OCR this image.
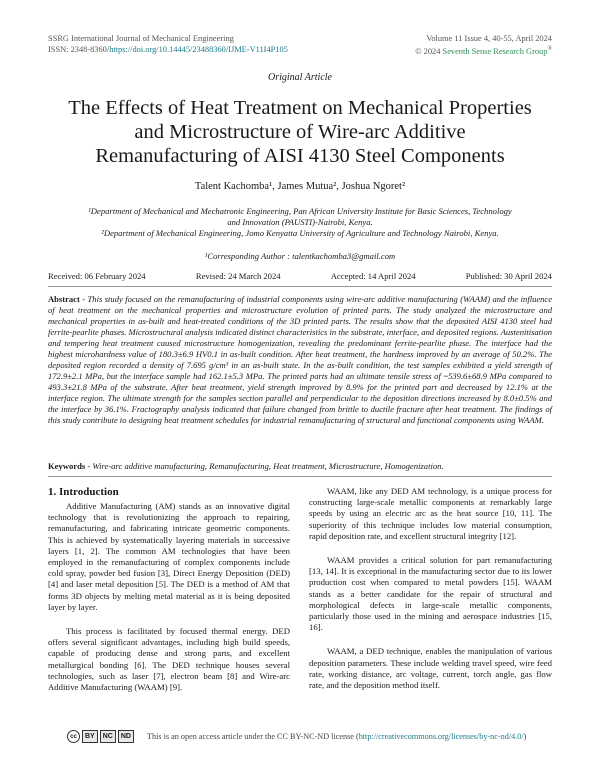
SSRG International Journal of Mechanical Engineering
ISSN: 2348-8360/https://doi.org/10.14445/23488360/IJME-V11I4P105
Volume 11 Issue 4, 40-55, April 2024
© 2024 Seventh Sense Research Group®
Original Article
The Effects of Heat Treatment on Mechanical Properties
and Microstructure of Wire-arc Additive
Remanufacturing of AISI 4130 Steel Components
Talent Kachomba¹, James Mutua², Joshua Ngoret²
¹Department of Mechanical and Mechatronic Engineering, Pan African University Institute for Basic Sciences, Technology
and Innovation (PAUSTI)-Nairobi, Kenya.
²Department of Mechanical Engineering, Jomo Kenyatta University of Agriculture and Technology Nairobi, Kenya.
¹Corresponding Author : talentkachomba3@gmail.com
Received: 06 February 2024	Revised: 24 March 2024	Accepted: 14 April 2024	Published: 30 April 2024
Abstract - This study focused on the remanufacturing of industrial components using wire-arc additive manufacturing (WAAM) and the influence of heat treatment on the mechanical properties and microstructure evolution of printed parts. The study analyzed the microstructure and mechanical properties in as-built and heat-treated conditions of the 3D printed parts. The results show that the deposited AISI 4130 steel had ferrite-pearlite phases. Microstructural analysis indicated distinct characteristics in the substrate, interface, and deposited regions. Austenitisation and tempering heat treatment caused microstructure homogenization, revealing the predominant ferrite-pearlite phase. The interface had the highest microhardness value of 180.3±6.9 HV0.1 in as-built condition. After heat treatment, the hardness improved by an average of 50.2%. The deposited region recorded a density of 7.695 g/cm³ in an as-built state. In the as-built condition, the test samples exhibited a yield strength of 172.9±2.1 MPa, but the interface sample had 162.1±5.3 MPa. The printed parts had an ultimate tensile stress of ~539.6±68.9 MPa compared to 493.3±21.8 MPa of the substrate. After heat treatment, yield strength improved by 8.9% for the printed part and decreased by 12.1% at the interface region. The ultimate strength for the samples section parallel and perpendicular to the deposition directions increased by 8.0±0.5% and the interface by 36.1%. Fractography analysis indicated that failure changed from brittle to ductile fracture after heat treatment. The findings of this study contribute to designing heat treatment schedules for industrial remanufacturing of structural and functional components using WAAM.
Keywords - Wire-arc additive manufacturing, Remanufacturing, Heat treatment, Microstructure, Homogenization.
1. Introduction

Additive Manufacturing (AM) stands as an innovative digital technology that is revolutionizing the approach to repairing, remanufacturing, and fabricating intricate geometric components. This is achieved by systematically layering materials in successive layers [1, 2]. The common AM technologies that have been employed in the remanufacturing of complex components include cold spray, powder bed fusion [3], Direct Energy Deposition (DED) [4] and laser metal deposition [5]. The DED is a method of AM that forms 3D objects by melting metal material as it is being deposited layer by layer.

This process is facilitated by focused thermal energy. DED offers several significant advantages, including high build speeds, capable of producing dense and strong parts, and excellent metallurgical bonding [6]. The DED technique houses several technologies, such as laser [7], electron beam [8] and Wire-arc Additive Manufacturing (WAAM) [9].

WAAM, like any DED AM technology, is a unique process for constructing large-scale metallic components at remarkably large speeds by using an electric arc as the heat source [10, 11]. The superiority of this technique includes low material consumption, rapid deposition rate, and excellent structural integrity [12].

WAAM provides a critical solution for part remanufacturing [13, 14]. It is exceptional in the manufacturing sector due to its lower production cost when compared to metal powders [15]. WAAM stands as a better candidate for the repair of structural and morphological defects in large-scale metallic components, particularly those used in the mining and aerospace industries [15, 16].

WAAM, a DED technique, enables the manipulation of various deposition parameters. These include welding travel speed, wire feed rate, working distance, arc voltage, current, torch angle, gas flow rate, and the deposition method itself.

cc	BY	NC	ND	This is an open access article under the CC BY-NC-ND license (http://creativecommons.org/licenses/by-nc-nd/4.0/)
